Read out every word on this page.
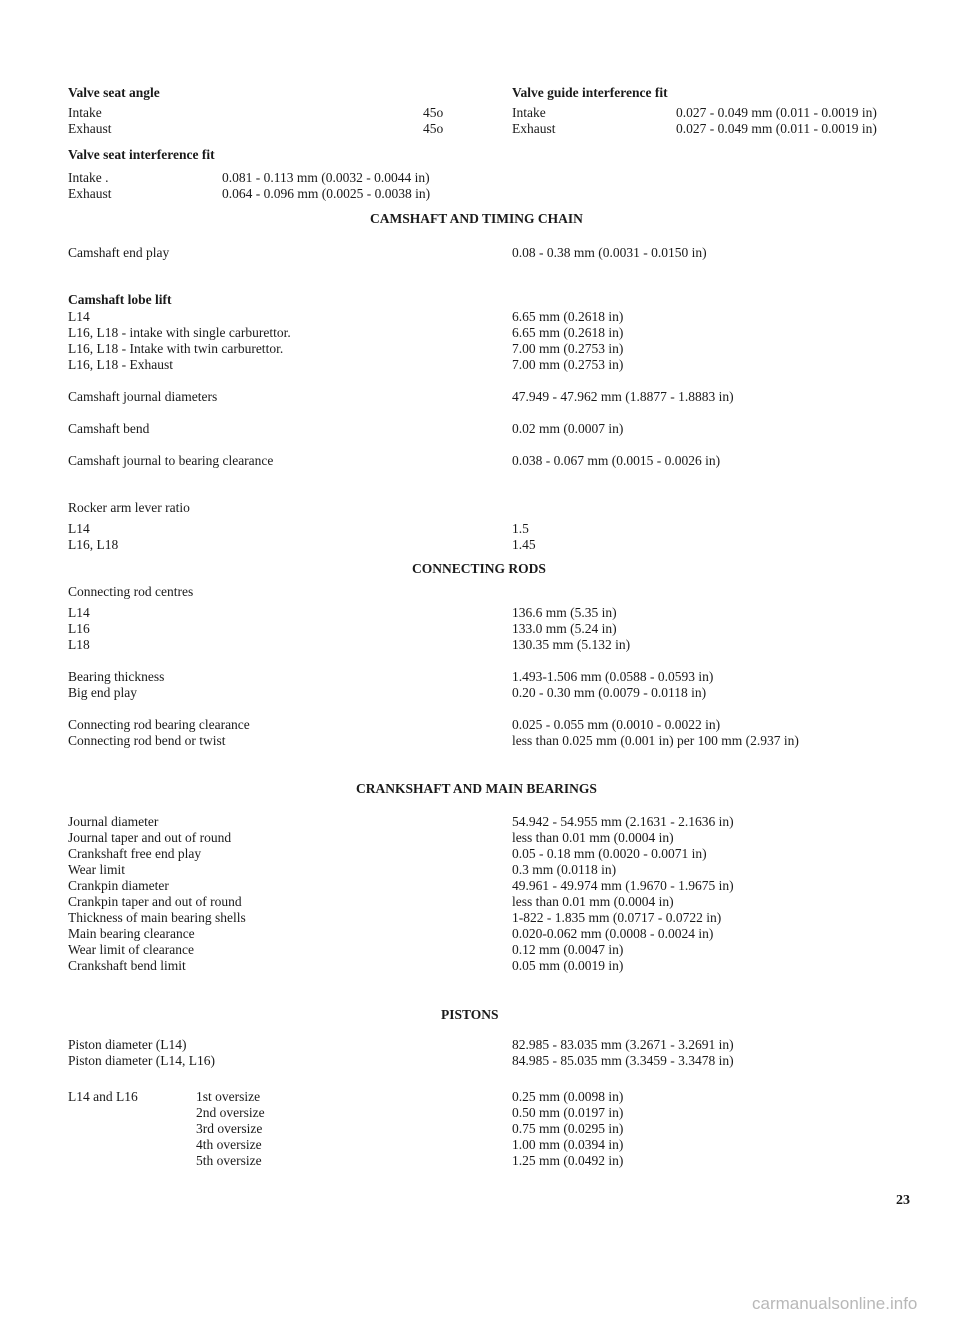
Valve seat angle
Intake	45o
Exhaust	45o
Valve guide interference fit
Intake	0.027 - 0.049 mm (0.011 - 0.0019 in)
Exhaust	0.027 - 0.049 mm (0.011 - 0.0019 in)
Valve seat interference fit
Intake .	0.081 - 0.113 mm (0.0032 - 0.0044 in)
Exhaust	0.064 - 0.096 mm (0.0025 - 0.0038 in)
CAMSHAFT AND TIMING CHAIN
Camshaft end play	0.08 - 0.38 mm (0.0031 - 0.0150 in)
Camshaft lobe lift
L14	6.65 mm (0.2618 in)
L16, L18 - intake with single carburettor.	6.65 mm (0.2618 in)
L16, L18 - Intake with twin carburettor.	7.00 mm (0.2753 in)
L16, L18 - Exhaust	7.00 mm (0.2753 in)
Camshaft journal diameters	47.949 - 47.962 mm (1.8877 - 1.8883 in)
Camshaft bend	0.02 mm (0.0007 in)
Camshaft journal to bearing clearance	0.038 - 0.067 mm (0.0015 - 0.0026 in)
Rocker arm lever ratio
L14	1.5
L16, L18	1.45
CONNECTING RODS
Connecting rod centres
L14	136.6 mm (5.35 in)
L16	133.0 mm (5.24 in)
L18	130.35 mm (5.132 in)
Bearing thickness	1.493-1.506 mm (0.0588 - 0.0593 in)
Big end play	0.20 - 0.30 mm (0.0079 - 0.0118 in)
Connecting rod bearing clearance	0.025 - 0.055 mm (0.0010 - 0.0022 in)
Connecting rod bend or twist	less than 0.025 mm (0.001 in) per 100 mm (2.937 in)
CRANKSHAFT AND MAIN BEARINGS
Journal diameter	54.942 - 54.955 mm (2.1631 - 2.1636 in)
Journal taper and out of round	less than 0.01 mm (0.0004 in)
Crankshaft free end play	0.05 - 0.18 mm (0.0020 - 0.0071 in)
Wear limit	0.3 mm (0.0118 in)
Crankpin diameter	49.961 - 49.974 mm (1.9670 - 1.9675 in)
Crankpin taper and out of round	less than 0.01 mm (0.0004 in)
Thickness of main bearing shells	1-822 - 1.835 mm (0.0717 - 0.0722 in)
Main bearing clearance	0.020-0.062 mm (0.0008 - 0.0024 in)
Wear limit of clearance	0.12 mm (0.0047 in)
Crankshaft bend limit	0.05 mm (0.0019 in)
PISTONS
Piston diameter (L14)	82.985 - 83.035 mm (3.2671 - 3.2691 in)
Piston diameter (L14, L16)	84.985 - 85.035 mm (3.3459 - 3.3478 in)
L14 and L16	1st oversize	0.25 mm (0.0098 in)
2nd oversize	0.50 mm (0.0197 in)
3rd oversize	0.75 mm (0.0295 in)
4th oversize	1.00 mm (0.0394 in)
5th oversize	1.25 mm (0.0492 in)
23
carmanualsonline.info
